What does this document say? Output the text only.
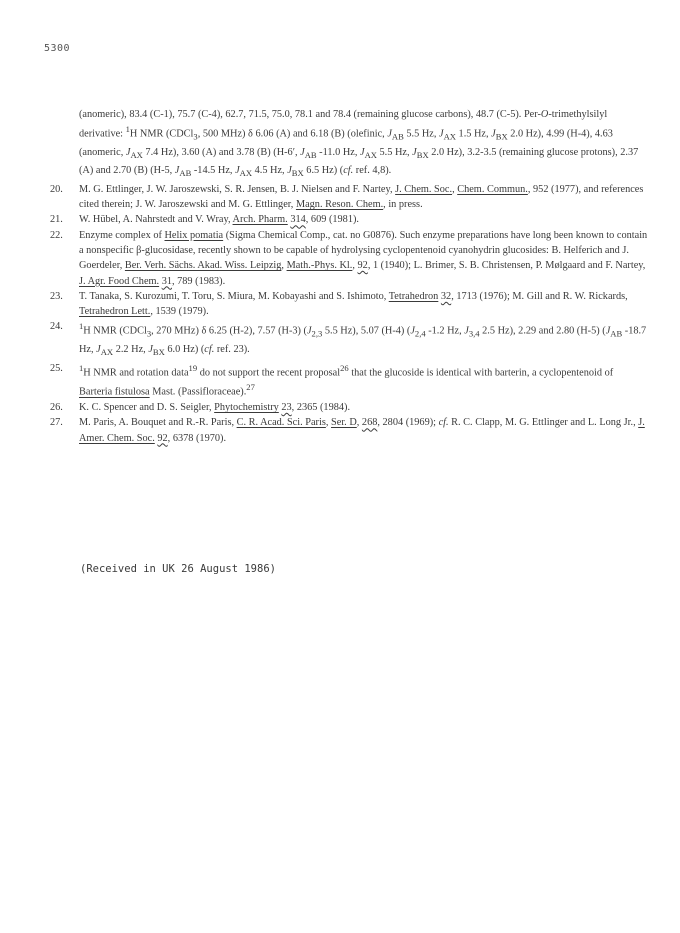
5300
(anomeric), 83.4 (C-1), 75.7 (C-4), 62.7, 71.5, 75.0, 78.1 and 78.4 (remaining glucose carbons), 48.7 (C-5). Per-O-trimethylsilyl derivative: $^1$H NMR (CDCl$_3$, 500 MHz) δ 6.06 (A) and 6.18 (B) (olefinic, $J_{AB}$ 5.5 Hz, $J_{AX}$ 1.5 Hz, $J_{BX}$ 2.0 Hz), 4.99 (H-4), 4.63 (anomeric, $J_{AX}$ 7.4 Hz), 3.60 (A) and 3.78 (B) (H-6′, $J_{AB}$ -11.0 Hz, $J_{AX}$ 5.5 Hz, $J_{BX}$ 2.0 Hz), 3.2-3.5 (remaining glucose protons), 2.37 (A) and 2.70 (B) (H-5, $J_{AB}$ -14.5 Hz, $J_{AX}$ 4.5 Hz, $J_{BX}$ 6.5 Hz) (cf. ref. 4,8).
20. M. G. Ettlinger, J. W. Jaroszewski, S. R. Jensen, B. J. Nielsen and F. Nartey, J. Chem. Soc., Chem. Commun., 952 (1977), and references cited therein; J. W. Jaroszewski and M. G. Ettlinger, Magn. Reson. Chem., in press.
21. W. Hübel, A. Nahrstedt and V. Wray, Arch. Pharm. 314, 609 (1981).
22. Enzyme complex of Helix pomatia (Sigma Chemical Comp., cat. no G0876). Such enzyme preparations have long been known to contain a nonspecific β-glucosidase, recently shown to be capable of hydrolysing cyclopentenoid cyanohydrin glucosides: B. Helferich and J. Goerdeler, Ber. Verh. Sächs. Akad. Wiss. Leipzig, Math.-Phys. Kl., 92, 1 (1940); L. Brimer, S. B. Christensen, P. Mølgaard and F. Nartey, J. Agr. Food Chem. 31, 789 (1983).
23. T. Tanaka, S. Kurozumi, T. Toru, S. Miura, M. Kobayashi and S. Ishimoto, Tetrahedron 32, 1713 (1976); M. Gill and R. W. Rickards, Tetrahedron Lett., 1539 (1979).
24. $^1$H NMR (CDCl$_3$, 270 MHz) δ 6.25 (H-2), 7.57 (H-3) ($J_{2,3}$ 5.5 Hz), 5.07 (H-4) ($J_{2,4}$ -1.2 Hz, $J_{3,4}$ 2.5 Hz), 2.29 and 2.80 (H-5) ($J_{AB}$ -18.7 Hz, $J_{AX}$ 2.2 Hz, $J_{BX}$ 6.0 Hz) (cf. ref. 23).
25. $^1$H NMR and rotation data$^{19}$ do not support the recent proposal$^{26}$ that the glucoside is identical with barterin, a cyclopentenoid of Barteria fistulosa Mast. (Passifloraceae).$^{27}$
26. K. C. Spencer and D. S. Seigler, Phytochemistry 23, 2365 (1984).
27. M. Paris, A. Bouquet and R.-R. Paris, C. R. Acad. Sci. Paris, Ser. D, 268, 2804 (1969); cf. R. C. Clapp, M. G. Ettlinger and L. Long Jr., J. Amer. Chem. Soc. 92, 6378 (1970).
(Received in UK 26 August 1986)
